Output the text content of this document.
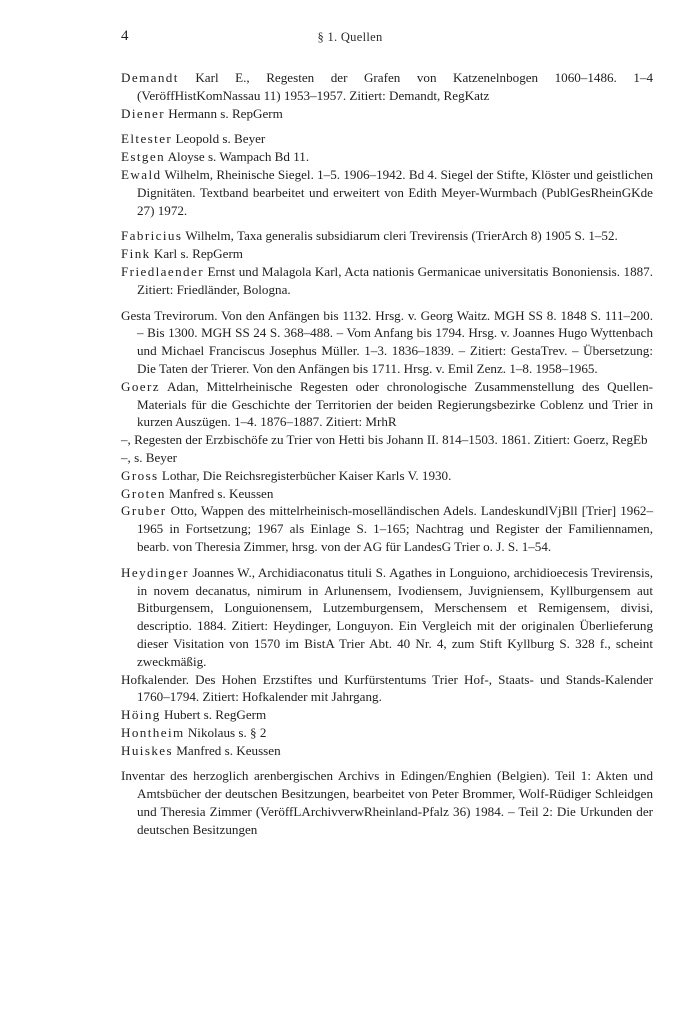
4	§ 1. Quellen

Demandt Karl E., Regesten der Grafen von Katzenelnbogen 1060–1486. 1–4 (VeröffHistKomNassau 11) 1953–1957. Zitiert: Demandt, RegKatz

Diener Hermann s. RepGerm

Eltester Leopold s. Beyer

Estgen Aloyse s. Wampach Bd 11.

Ewald Wilhelm, Rheinische Siegel. 1–5. 1906–1942. Bd 4. Siegel der Stifte, Klöster und geistlichen Dignitäten. Textband bearbeitet und erweitert von Edith Meyer-Wurmbach (PublGesRheinGKde 27) 1972.

Fabricius Wilhelm, Taxa generalis subsidiarum cleri Trevirensis (TrierArch 8) 1905 S. 1–52.

Fink Karl s. RepGerm

Friedlaender Ernst und Malagola Karl, Acta nationis Germanicae universitatis Bononiensis. 1887. Zitiert: Friedländer, Bologna.

Gesta Trevirorum. Von den Anfängen bis 1132. Hrsg. v. Georg Waitz. MGH SS 8. 1848 S. 111–200. – Bis 1300. MGH SS 24 S. 368–488. – Vom Anfang bis 1794. Hrsg. v. Joannes Hugo Wyttenbach und Michael Franciscus Josephus Müller. 1–3. 1836–1839. – Zitiert: GestaTrev. – Übersetzung: Die Taten der Trierer. Von den Anfängen bis 1711. Hrsg. v. Emil Zenz. 1–8. 1958–1965.

Goerz Adan, Mittelrheinische Regesten oder chronologische Zusammenstellung des Quellen-Materials für die Geschichte der Territorien der beiden Regierungsbezirke Coblenz und Trier in kurzen Auszügen. 1–4. 1876–1887. Zitiert: MrhR

–, Regesten der Erzbischöfe zu Trier von Hetti bis Johann II. 814–1503. 1861. Zitiert: Goerz, RegEb

–, s. Beyer

Gross Lothar, Die Reichsregisterbücher Kaiser Karls V. 1930.

Groten Manfred s. Keussen

Gruber Otto, Wappen des mittelrheinisch-moselländischen Adels. LandeskundlVjBll [Trier] 1962–1965 in Fortsetzung; 1967 als Einlage S. 1–165; Nachtrag und Register der Familiennamen, bearb. von Theresia Zimmer, hrsg. von der AG für LandesG Trier o. J. S. 1–54.

Heydinger Joannes W., Archidiaconatus tituli S. Agathes in Longuiono, archidioecesis Trevirensis, in novem decanatus, nimirum in Arlunensem, Ivodiensem, Juvigniensem, Kyllburgensem aut Bitburgensem, Longuionensem, Lutzemburgensem, Merschensem et Remigensem, divisi, descriptio. 1884. Zitiert: Heydinger, Longuyon. Ein Vergleich mit der originalen Überlieferung dieser Visitation von 1570 im BistA Trier Abt. 40 Nr. 4, zum Stift Kyllburg S. 328 f., scheint zweckmäßig.

Hofkalender. Des Hohen Erzstiftes und Kurfürstentums Trier Hof-, Staats- und Stands-Kalender 1760–1794. Zitiert: Hofkalender mit Jahrgang.

Höing Hubert s. RegGerm

Hontheim Nikolaus s. § 2

Huiskes Manfred s. Keussen

Inventar des herzoglich arenbergischen Archivs in Edingen/Enghien (Belgien). Teil 1: Akten und Amtsbücher der deutschen Besitzungen, bearbeitet von Peter Brommer, Wolf-Rüdiger Schleidgen und Theresia Zimmer (VeröffLArchivverwRheinland-Pfalz 36) 1984. – Teil 2: Die Urkunden der deutschen Besitzungen
